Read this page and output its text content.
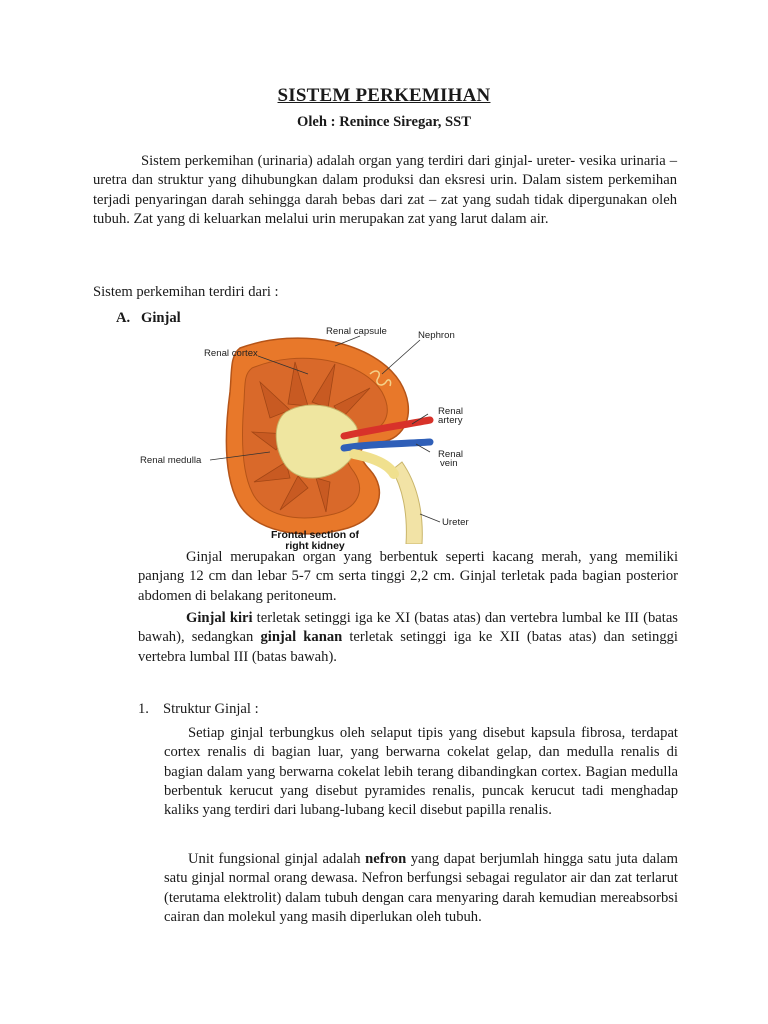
SISTEM PERKEMIHAN
Oleh : Renince Siregar, SST

Sistem perkemihan (urinaria) adalah organ yang terdiri dari ginjal- ureter- vesika urinaria – uretra dan struktur yang dihubungkan dalam produksi dan eksresi urin. Dalam sistem perkemihan terjadi penyaringan darah sehingga darah bebas dari zat – zat yang sudah tidak dipergunakan oleh tubuh. Zat yang di keluarkan melalui urin merupakan zat yang larut dalam air.

Sistem perkemihan terdiri dari :

A. Ginjal
Renal capsule	Nephron
Renal cortex
Renal
artery
Renal medulla
Renal
vein
Ureter
Frontal section of
right kidney

Ginjal merupakan organ yang berbentuk seperti kacang merah, yang memiliki panjang 12 cm dan lebar 5-7 cm serta tinggi 2,2 cm. Ginjal terletak pada bagian posterior abdomen di belakang peritoneum.

Ginjal kiri terletak setinggi iga ke XI (batas atas) dan vertebra lumbal ke III (batas bawah), sedangkan ginjal kanan terletak setinggi iga ke XII (batas atas) dan setinggi vertebra lumbal III (batas bawah).

1. Struktur Ginjal :

Setiap ginjal terbungkus oleh selaput tipis yang disebut kapsula fibrosa, terdapat cortex renalis di bagian luar, yang berwarna cokelat gelap, dan medulla renalis di bagian dalam yang berwarna cokelat lebih terang dibandingkan cortex. Bagian medulla berbentuk kerucut yang disebut pyramides renalis, puncak kerucut tadi menghadap kaliks yang terdiri dari lubang-lubang kecil disebut papilla renalis.

Unit fungsional ginjal adalah nefron yang dapat berjumlah hingga satu juta dalam satu ginjal normal orang dewasa. Nefron berfungsi sebagai regulator air dan zat terlarut (terutama elektrolit) dalam tubuh dengan cara menyaring darah kemudian mereabsorbsi cairan dan molekul yang masih diperlukan oleh tubuh.
